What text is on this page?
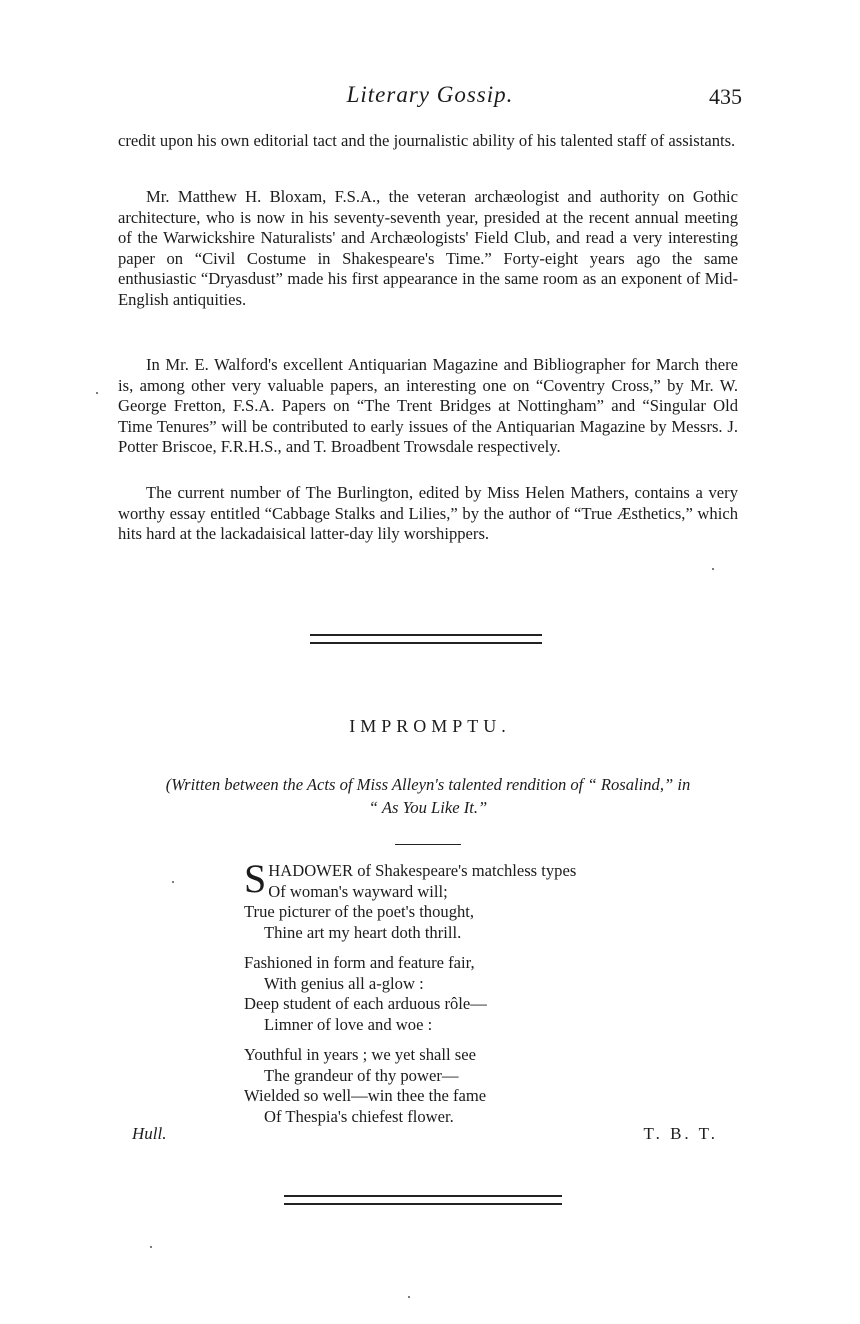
Literary Gossip.	435

credit upon his own editorial tact and the journalistic ability of his talented staff of assistants.

Mr. Matthew H. Bloxam, F.S.A., the veteran archæologist and authority on Gothic architecture, who is now in his seventy-seventh year, presided at the recent annual meeting of the Warwickshire Naturalists' and Archæologists' Field Club, and read a very interesting paper on “Civil Costume in Shakespeare's Time.” Forty-eight years ago the same enthusiastic “Dryasdust” made his first appearance in the same room as an exponent of Mid-English antiquities.

In Mr. E. Walford's excellent Antiquarian Magazine and Bibliographer for March there is, among other very valuable papers, an interesting one on “Coventry Cross,” by Mr. W. George Fretton, F.S.A. Papers on “The Trent Bridges at Nottingham” and “Singular Old Time Tenures” will be contributed to early issues of the Antiquarian Magazine by Messrs. J. Potter Briscoe, F.R.H.S., and T. Broadbent Trowsdale respectively.

The current number of The Burlington, edited by Miss Helen Mathers, contains a very worthy essay entitled “Cabbage Stalks and Lilies,” by the author of “True Æsthetics,” which hits hard at the lackadaisical latter-day lily worshippers.

IMPROMPTU.
(Written between the Acts of Miss Alleyn's talented rendition of “ Rosalind,” in
“ As You Like It.”
S HADOWER of Shakespeare's matchless types
Of woman's wayward will;
True picturer of the poet's thought,
Thine art my heart doth thrill.
Fashioned in form and feature fair,
With genius all a-glow :
Deep student of each arduous rôle—
Limner of love and woe :
Youthful in years ; we yet shall see
The grandeur of thy power—
Wielded so well—win thee the fame
Of Thespia's chiefest flower.
Hull.	T. B. T.
